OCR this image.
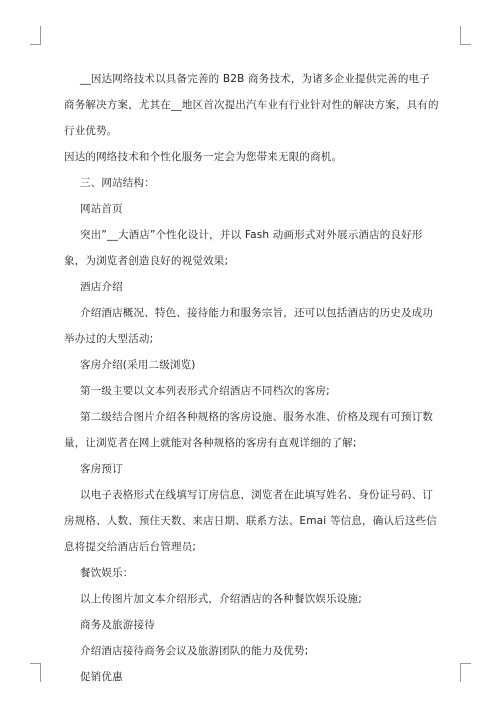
__因达网络技术以具备完善的 B2B 商务技术，为诸多企业提供完善的电子商务解决方案，尤其在__地区首次提出汽车业有行业针对性的解决方案，具有的行业优势。

因达的网络技术和个性化服务一定会为您带来无限的商机。

三、网站结构：

网站首页

突出”__大酒店”个性化设计，并以 Fash 动画形式对外展示酒店的良好形象，为浏览者创造良好的视觉效果;

酒店介绍

介绍酒店概况、特色、接待能力和服务宗旨，还可以包括酒店的历史及成功举办过的大型活动;

客房介绍(采用二级浏览)

第一级主要以文本列表形式介绍酒店不同档次的客房;

第二级结合图片介绍各种规格的客房设施、服务水准、价格及现有可预订数量，让浏览者在网上就能对各种规格的客房有直观详细的了解;

客房预订

以电子表格形式在线填写订房信息，浏览者在此填写姓名、身份证号码、订房规格、人数、预住天数、来店日期、联系方法、Emai 等信息，确认后这些信息将提交给酒店后台管理员;

餐饮娱乐：

以上传图片加文本介绍形式，介绍酒店的各种餐饮娱乐设施;

商务及旅游接待

介绍酒店接待商务会议及旅游团队的能力及优势;

促销优惠
